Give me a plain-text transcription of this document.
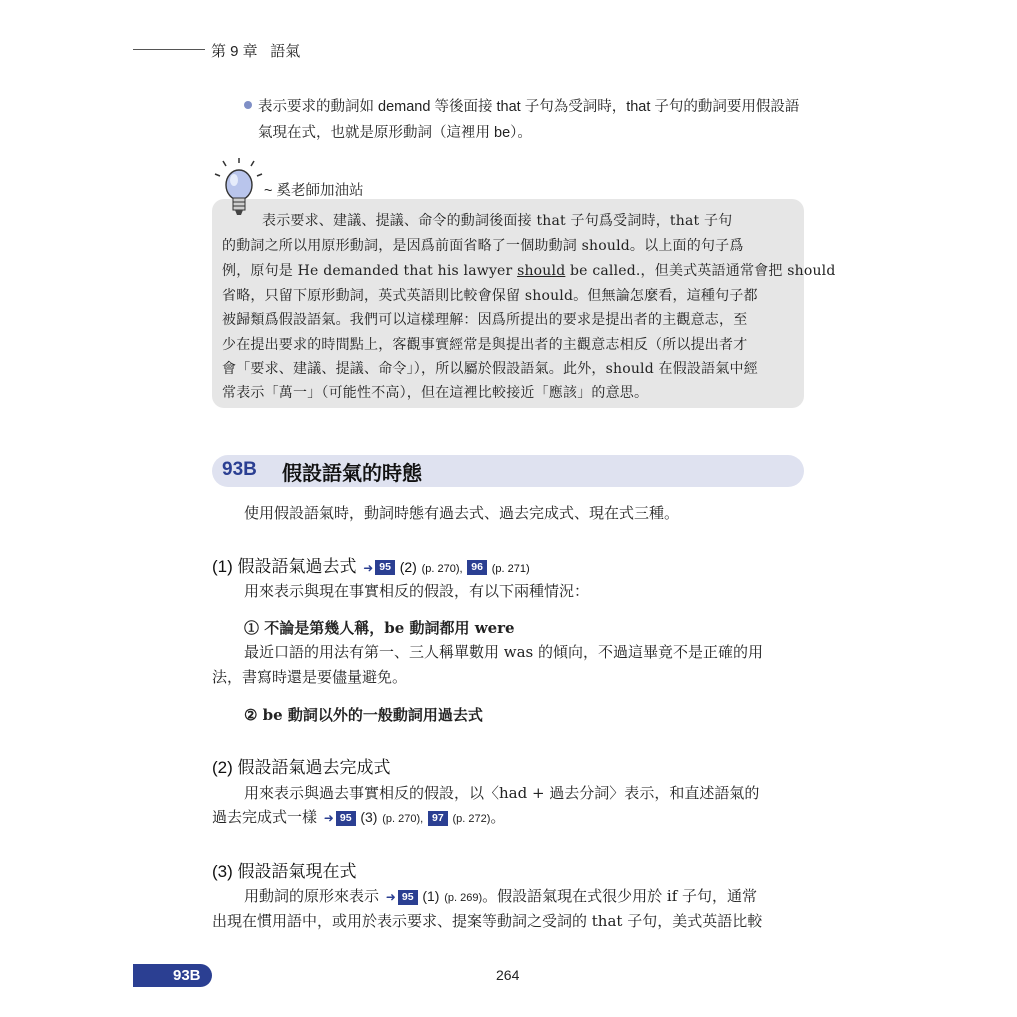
第 9 章 語氣
表示要求的動詞如 demand 等後面接 that 子句為受詞時，that 子句的動詞要用假設語
氣現在式，也就是原形動詞（這裡用 be）。
~ 奚老師加油站
表示要求、建議、提議、命令的動詞後面接 that 子句爲受詞時，that 子句
的動詞之所以用原形動詞，是因爲前面省略了一個助動詞 should。以上面的句子爲
例，原句是 He demanded that his lawyer should be called.，但美式英語通常會把 should
省略，只留下原形動詞，英式英語則比較會保留 should。但無論怎麼看，這種句子都
被歸類爲假設語氣。我們可以這樣理解：因爲所提出的要求是提出者的主觀意志，至
少在提出要求的時間點上，客觀事實經常是與提出者的主觀意志相反（所以提出者才
會「要求、建議、提議、命令」），所以屬於假設語氣。此外，should 在假設語氣中經
常表示「萬一」（可能性不高），但在這裡比較接近「應該」的意思。
93B 假設語氣的時態
使用假設語氣時，動詞時態有過去式、過去完成式、現在式三種。
(1) 假設語氣過去式 ➜ 95 (2) (p. 270), 96 (p. 271)
用來表示與現在事實相反的假設，有以下兩種情況：
① 不論是第幾人稱，be 動詞都用 were
最近口語的用法有第一、三人稱單數用 was 的傾向，不過這畢竟不是正確的用
法，書寫時還是要儘量避免。
② be 動詞以外的一般動詞用過去式
(2) 假設語氣過去完成式
用來表示與過去事實相反的假設，以〈had + 過去分詞〉表示，和直述語氣的
過去完成式一樣 ➜ 95 (3) (p. 270), 97 (p. 272)。
(3) 假設語氣現在式
用動詞的原形來表示 ➜ 95 (1) (p. 269)。假設語氣現在式很少用於 if 子句，通常
出現在慣用語中，或用於表示要求、提案等動詞之受詞的 that 子句，美式英語比較
93B	264
